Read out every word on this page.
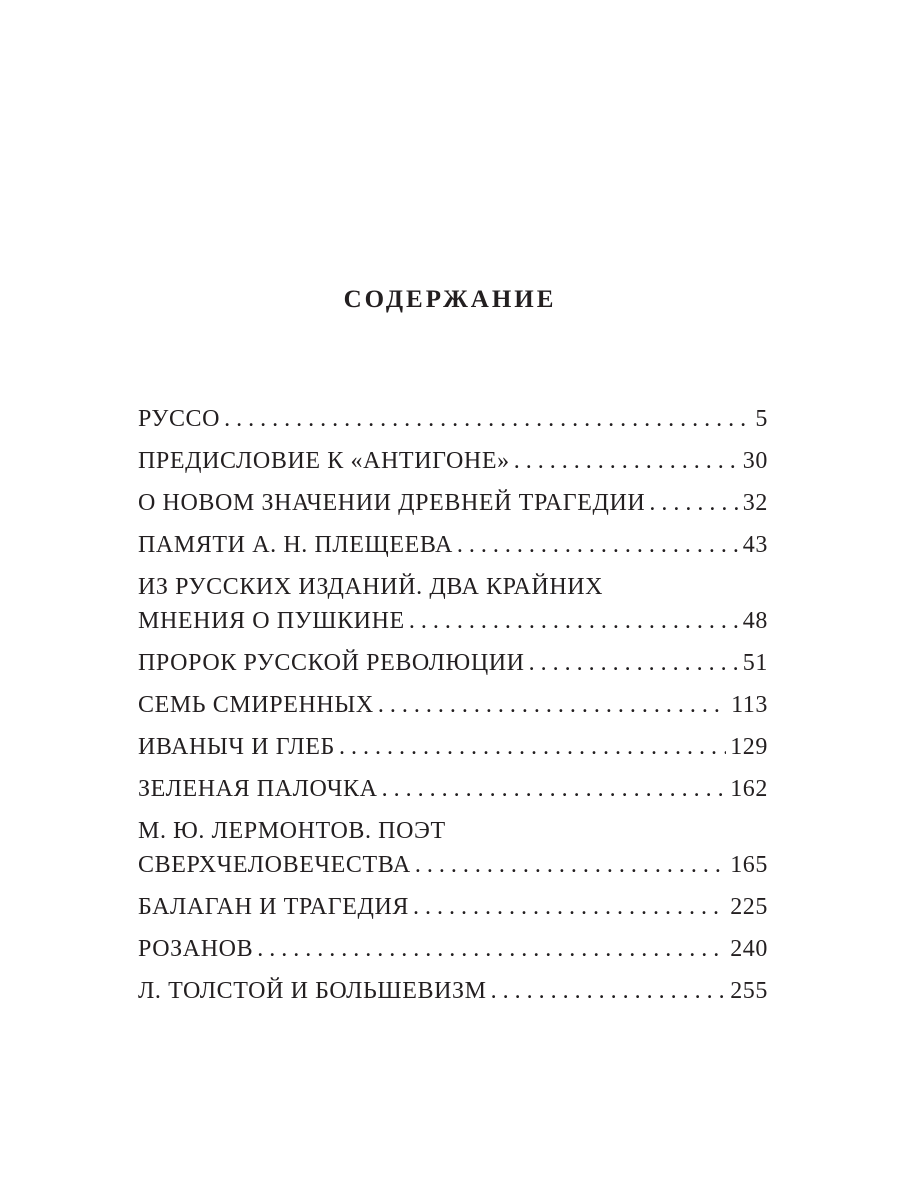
СОДЕРЖАНИЕ
РУССО . . .	5
ПРЕДИСЛОВИЕ К «АНТИГОНЕ» . . .	30
О НОВОМ ЗНАЧЕНИИ ДРЕВНЕЙ ТРАГЕДИИ . . .	32
ПАМЯТИ А. Н. ПЛЕЩЕЕВА . . .	43
ИЗ РУССКИХ ИЗДАНИЙ. ДВА КРАЙНИХ
МНЕНИЯ О ПУШКИНЕ . . .	48
ПРОРОК РУССКОЙ РЕВОЛЮЦИИ . . .	51
СЕМЬ СМИРЕННЫХ . . .	113
ИВАНЫЧ И ГЛЕБ . . .	129
ЗЕЛЕНАЯ ПАЛОЧКА . . .	162
М. Ю. ЛЕРМОНТОВ. ПОЭТ
СВЕРХЧЕЛОВЕЧЕСТВА . . .	165
БАЛАГАН И ТРАГЕДИЯ . . .	225
РОЗАНОВ . . .	240
Л. ТОЛСТОЙ И БОЛЬШЕВИЗМ . . .	255
